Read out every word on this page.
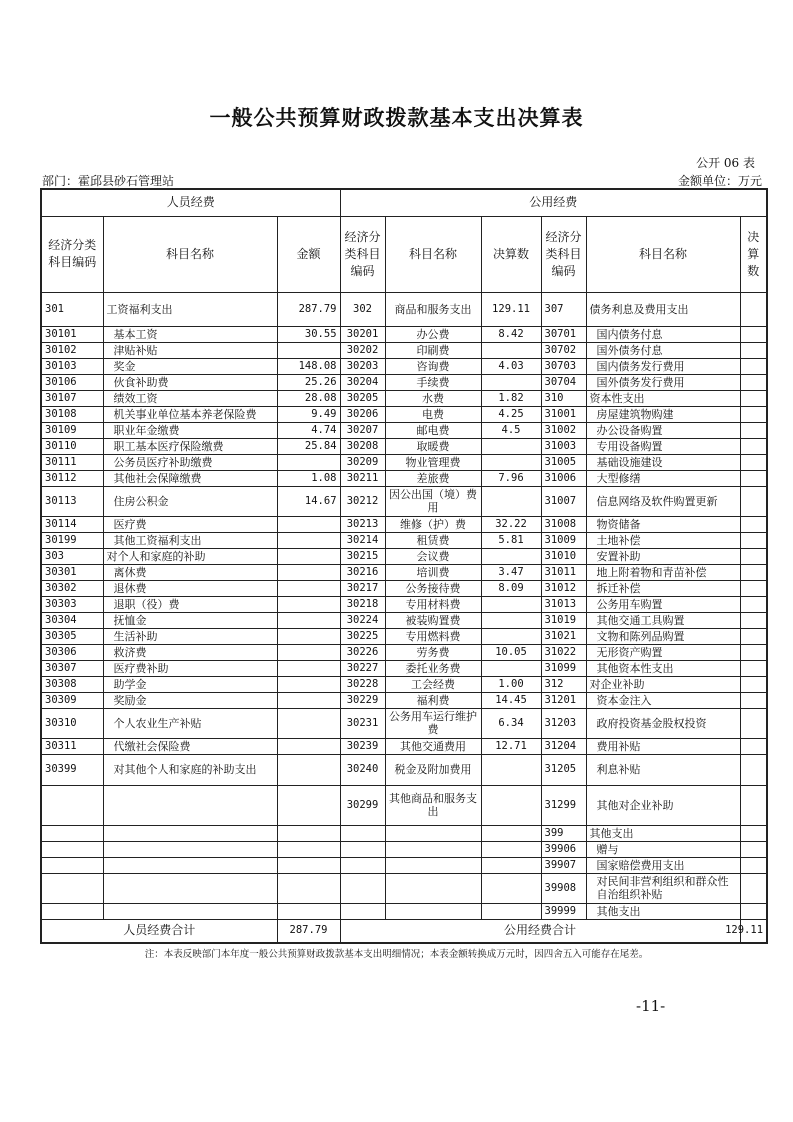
一般公共预算财政拨款基本支出决算表
公开 06 表
部门：霍邱县砂石管理站	金额单位：万元
人员经费			公用经费					
经济分类科目编码	科目名称	金额	经济分类科目编码	科目名称	决算数	经济分类科目编码	科目名称	决算数
301	工资福利支出	287.79	302	商品和服务支出	129.11	307	债务利息及费用支出	
30101	基本工资	30.55	30201	办公费	8.42	30701	国内债务付息	
30102	津贴补贴		30202	印刷费		30702	国外债务付息	
30103	奖金	148.08	30203	咨询费	4.03	30703	国内债务发行费用	
30106	伙食补助费	25.26	30204	手续费		30704	国外债务发行费用	
30107	绩效工资	28.08	30205	水费	1.82	310	资本性支出	
30108	机关事业单位基本养老保险费	9.49	30206	电费	4.25	31001	房屋建筑物购建	
30109	职业年金缴费	4.74	30207	邮电费	4.5	31002	办公设备购置	
30110	职工基本医疗保险缴费	25.84	30208	取暖费		31003	专用设备购置	
30111	公务员医疗补助缴费		30209	物业管理费		31005	基础设施建设	
30112	其他社会保障缴费	1.08	30211	差旅费	7.96	31006	大型修缮	
30113	住房公积金	14.67	30212	因公出国（境）费用		31007	信息网络及软件购置更新	
30114	医疗费		30213	维修（护）费	32.22	31008	物资储备	
30199	其他工资福利支出		30214	租赁费	5.81	31009	土地补偿	
303	对个人和家庭的补助		30215	会议费		31010	安置补助	
30301	离休费		30216	培训费	3.47	31011	地上附着物和青苗补偿	
30302	退休费		30217	公务接待费	8.09	31012	拆迁补偿	
30303	退职（役）费		30218	专用材料费		31013	公务用车购置	
30304	抚恤金		30224	被装购置费		31019	其他交通工具购置	
30305	生活补助		30225	专用燃料费		31021	文物和陈列品购置	
30306	救济费		30226	劳务费	10.05	31022	无形资产购置	
30307	医疗费补助		30227	委托业务费		31099	其他资本性支出	
30308	助学金		30228	工会经费	1.00	312	对企业补助	
30309	奖励金		30229	福利费	14.45	31201	资本金注入	
30310	个人农业生产补贴		30231	公务用车运行维护费	6.34	31203	政府投资基金股权投资	
30311	代缴社会保险费		30239	其他交通费用	12.71	31204	费用补贴	
30399	对其他个人和家庭的补助支出		30240	税金及附加费用		31205	利息补贴	
			30299	其他商品和服务支出		31299	其他对企业补助	
						399	其他支出	
						39906	赠与	
						39907	国家赔偿费用支出	
						39908	对民间非营利组织和群众性自治组织补贴	
						39999	其他支出	
人员经费合计		287.79	公用经费合计					129.11
注：本表反映部门本年度一般公共预算财政拨款基本支出明细情况；本表金额转换成万元时，因四舍五入可能存在尾差。
-11-
